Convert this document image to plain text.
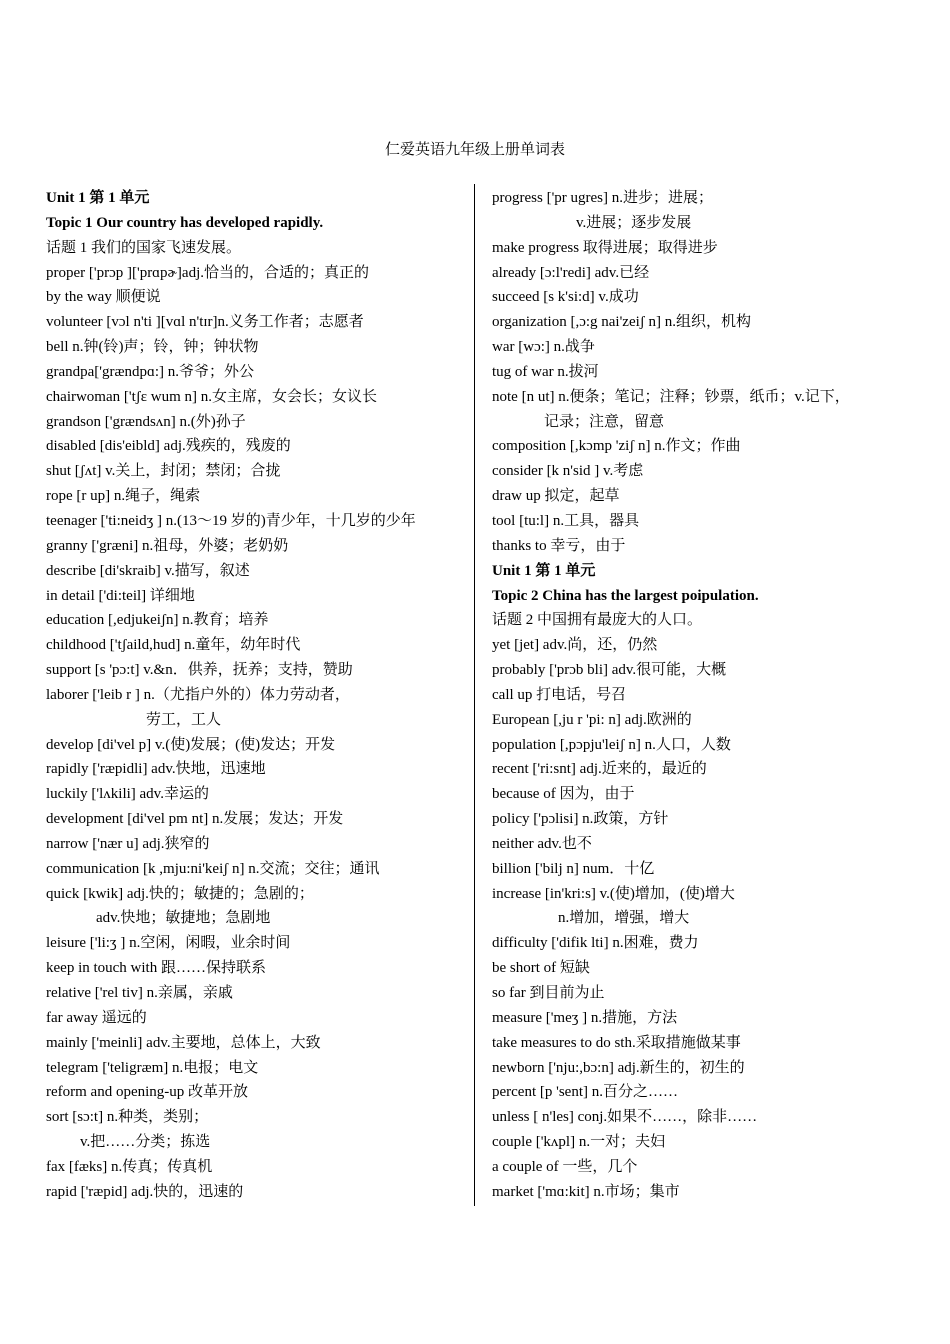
仁爱英语九年级上册单词表
Unit 1 第 1 单元
Topic 1 Our country has developed rapidly.
话题 1 我们的国家飞速发展。
proper ['prɔp ]['prɑpɚ]adj.恰当的，合适的；真正的
by the way 顺便说
volunteer [vɔl n'ti ][vɑl n'tɪr]n.义务工作者；志愿者
bell n.钟(铃)声；铃，钟；钟状物
grandpa['grændpɑ:] n.爷爷；外公
chairwoman ['tʃɛ wum n] n.女主席，女会长；女议长
grandson ['grændsʌn] n.(外)孙子
disabled [dis'eibld] adj.残疾的，残废的
shut [ʃʌt] v.关上，封闭；禁闭；合拢
rope [r up] n.绳子，绳索
teenager ['ti:neidʒ ] n.(13～19 岁的)青少年，十几岁的少年
granny ['græni] n.祖母，外婆；老奶奶
describe [di'skraib] v.描写，叙述
in detail ['di:teil] 详细地
education [,edjukeiʃn] n.教育；培养
childhood ['tʃaild,hud] n.童年，幼年时代
support [s 'pɔ:t] v.&n．供养，抚养；支持，赞助
laborer ['leib r ] n.（尤指户外的）体力劳动者，
劳工，工人
develop [di'vel p] v.(使)发展；(使)发达；开发
rapidly ['ræpidli] adv.快地，迅速地
luckily ['lʌkili] adv.幸运的
development [di'vel pm nt] n.发展；发达；开发
narrow ['nær u] adj.狭窄的
communication [k ,mju:ni'keiʃ n] n.交流；交往；通讯
quick [kwik] adj.快的；敏捷的；急剧的；
adv.快地；敏捷地；急剧地
leisure ['li:ʒ ] n.空闲，闲暇，业余时间
keep in touch with 跟……保持联系
relative ['rel tiv] n.亲属，亲戚
far away 遥远的
mainly ['meinli] adv.主要地，总体上，大致
telegram ['teligræm] n.电报；电文
reform and opening-up 改革开放
sort [sɔ:t] n.种类，类别；
v.把……分类；拣选
fax [fæks] n.传真；传真机
rapid ['ræpid] adj.快的，迅速的
progress ['pr ugres] n.进步；进展；
v.进展；逐步发展
make progress 取得进展；取得进步
already [ɔ:l'redi] adv.已经
succeed [s k'si:d] v.成功
organization [,ɔ:g nai'zeiʃ n] n.组织，机构
war [wɔ:] n.战争
tug of war n.拔河
note [n ut] n.便条；笔记；注释；钞票，纸币；v.记下，
记录；注意，留意
composition [,kɔmp 'ziʃ n] n.作文；作曲
consider [k n'sid ] v.考虑
draw up 拟定，起草
tool [tu:l] n.工具，器具
thanks to 幸亏，由于
Unit 1 第 1 单元
Topic 2 China has the largest poipulation.
话题 2 中国拥有最庞大的人口。
yet [jet] adv.尚，还，仍然
probably ['prɔb bli] adv.很可能，大概
call up 打电话，号召
European [,ju r 'pi: n] adj.欧洲的
population [,pɔpju'leiʃ n] n.人口，人数
recent ['ri:snt] adj.近来的，最近的
because of 因为，由于
policy ['pɔlisi] n.政策，方针
neither adv.也不
billion ['bilj n] num．十亿
increase [in'kri:s] v.(使)增加，(使)增大
n.增加，增强，增大
difficulty ['difik lti] n.困难，费力
be short of 短缺
so far 到目前为止
measure ['meʒ ] n.措施，方法
take measures to do sth.采取措施做某事
newborn ['nju:,bɔ:n] adj.新生的，初生的
percent [p 'sent] n.百分之……
unless [ n'les] conj.如果不……，除非……
couple ['kʌpl] n.一对；夫妇
a couple of 一些，几个
market ['mɑ:kit] n.市场；集市
